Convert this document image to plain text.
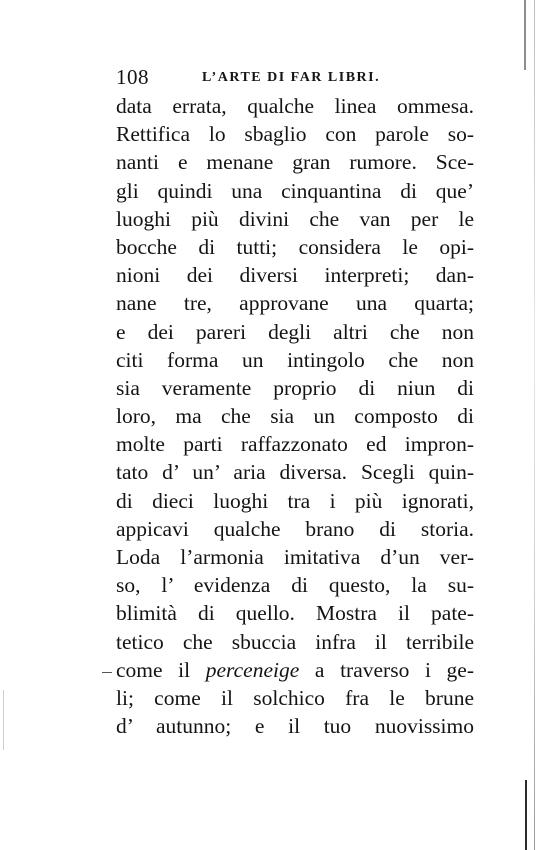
108	L’ARTE DI FAR LIBRI.
data errata, qualche linea ommesa.
Rettifica lo sbaglio con parole so-
nanti e menane gran rumore. Sce-
gli quindi una cinquantina di que’
luoghi più divini che van per le
bocche di tutti; considera le opi-
nioni dei diversi interpreti; dan-
nane tre, approvane una quarta;
e dei pareri degli altri che non
citi forma un intingolo che non
sia veramente proprio di niun di
loro, ma che sia un composto di
molte parti raffazzonato ed impron-
tato d’ un’ aria diversa. Scegli quin-
di dieci luoghi tra i più ignorati,
appicavi qualche brano di storia.
Loda l’armonia imitativa d’un ver-
so, l’ evidenza di questo, la su-
blimità di quello. Mostra il pate-
tetico che sbuccia infra il terribile
come il perceneige a traverso i ge-
li; come il solchico fra le brune
d’ autunno; e il tuo nuovissimo
